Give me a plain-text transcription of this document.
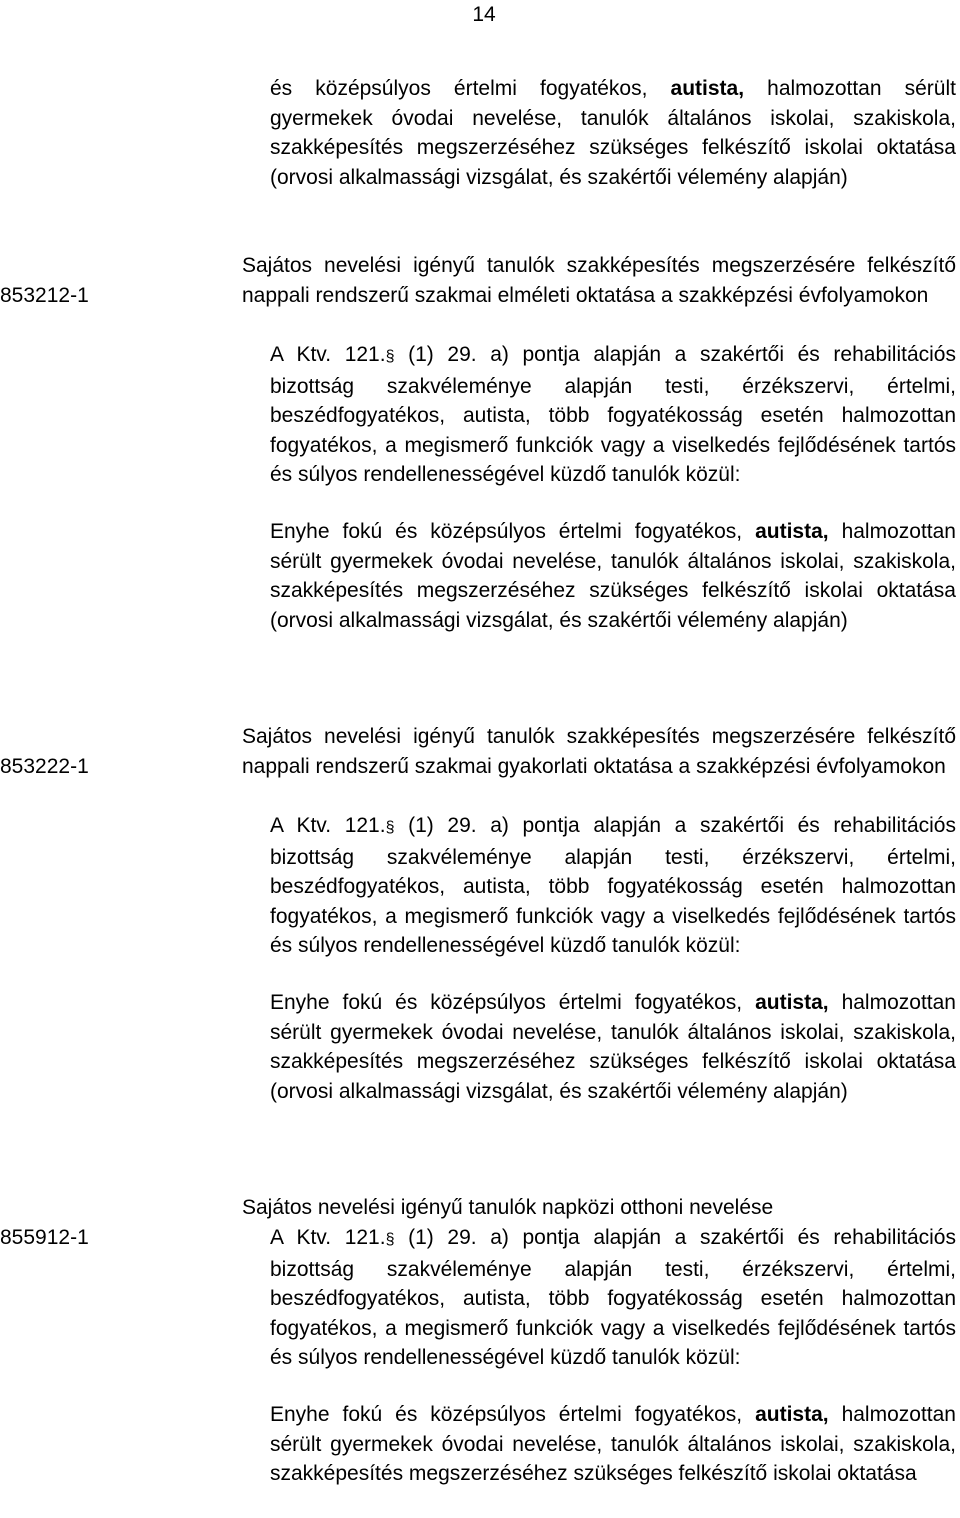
14
és középsúlyos értelmi fogyatékos, autista, halmozottan sérült gyermekek óvodai nevelése, tanulók általános iskolai, szakiskola, szakképesítés megszerzéséhez szükséges felkészítő iskolai oktatása (orvosi alkalmassági vizsgálat, és szakértői vélemény alapján)
853212-1
Sajátos nevelési igényű tanulók szakképesítés megszerzésére felkészítő nappali rendszerű szakmai elméleti oktatása a szakképzési évfolyamokon
A Ktv. 121.§ (1) 29. a) pontja alapján a szakértői és rehabilitációs bizottság szakvéleménye alapján testi, érzékszervi, értelmi, beszédfogyatékos, autista, több fogyatékosság esetén halmozottan fogyatékos, a megismerő funkciók vagy a viselkedés fejlődésének tartós és súlyos rendellenességével küzdő tanulók közül:
Enyhe fokú és középsúlyos értelmi fogyatékos, autista, halmozottan sérült gyermekek óvodai nevelése, tanulók általános iskolai, szakiskola, szakképesítés megszerzéséhez szükséges felkészítő iskolai oktatása (orvosi alkalmassági vizsgálat, és szakértői vélemény alapján)
853222-1
Sajátos nevelési igényű tanulók szakképesítés megszerzésére felkészítő nappali rendszerű szakmai gyakorlati oktatása a szakképzési évfolyamokon
A Ktv. 121.§ (1) 29. a) pontja alapján a szakértői és rehabilitációs bizottság szakvéleménye alapján testi, érzékszervi, értelmi, beszédfogyatékos, autista, több fogyatékosság esetén halmozottan fogyatékos, a megismerő funkciók vagy a viselkedés fejlődésének tartós és súlyos rendellenességével küzdő tanulók közül:
Enyhe fokú és középsúlyos értelmi fogyatékos, autista, halmozottan sérült gyermekek óvodai nevelése, tanulók általános iskolai, szakiskola, szakképesítés megszerzéséhez szükséges felkészítő iskolai oktatása (orvosi alkalmassági vizsgálat, és szakértői vélemény alapján)
855912-1
Sajátos nevelési igényű tanulók napközi otthoni nevelése
A Ktv. 121.§ (1) 29. a) pontja alapján a szakértői és rehabilitációs bizottság szakvéleménye alapján testi, érzékszervi, értelmi, beszédfogyatékos, autista, több fogyatékosság esetén halmozottan fogyatékos, a megismerő funkciók vagy a viselkedés fejlődésének tartós és súlyos rendellenességével küzdő tanulók közül:
Enyhe fokú és középsúlyos értelmi fogyatékos, autista, halmozottan sérült gyermekek óvodai nevelése, tanulók általános iskolai, szakiskola, szakképesítés megszerzéséhez szükséges felkészítő iskolai oktatása
